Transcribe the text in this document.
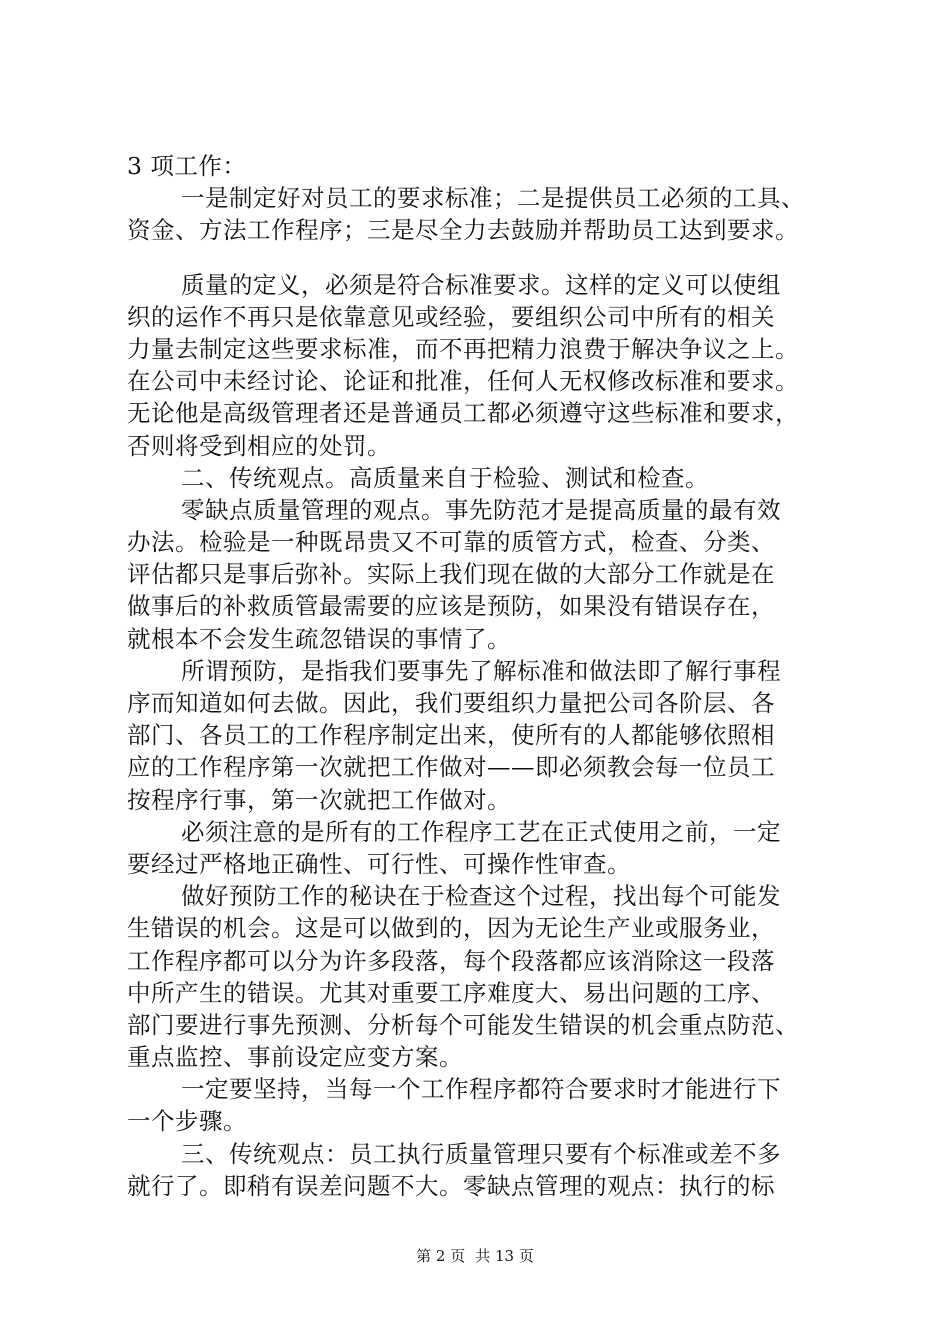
3 项工作：
一是制定好对员工的要求标准；二是提供员工必须的工具、
资金、方法工作程序；三是尽全力去鼓励并帮助员工达到要求。
质量的定义，必须是符合标准要求。这样的定义可以使组
织的运作不再只是依靠意见或经验，要组织公司中所有的相关
力量去制定这些要求标准，而不再把精力浪费于解决争议之上。
在公司中未经讨论、论证和批准，任何人无权修改标准和要求。
无论他是高级管理者还是普通员工都必须遵守这些标准和要求，
否则将受到相应的处罚。
二、传统观点。高质量来自于检验、测试和检查。
零缺点质量管理的观点。事先防范才是提高质量的最有效
办法。检验是一种既昂贵又不可靠的质管方式，检查、分类、
评估都只是事后弥补。实际上我们现在做的大部分工作就是在
做事后的补救质管最需要的应该是预防，如果没有错误存在，
就根本不会发生疏忽错误的事情了。
所谓预防，是指我们要事先了解标准和做法即了解行事程
序而知道如何去做。因此，我们要组织力量把公司各阶层、各
部门、各员工的工作程序制定出来，使所有的人都能够依照相
应的工作程序第一次就把工作做对——即必须教会每一位员工
按程序行事，第一次就把工作做对。
必须注意的是所有的工作程序工艺在正式使用之前，一定
要经过严格地正确性、可行性、可操作性审查。
做好预防工作的秘诀在于检查这个过程，找出每个可能发
生错误的机会。这是可以做到的，因为无论生产业或服务业，
工作程序都可以分为许多段落，每个段落都应该消除这一段落
中所产生的错误。尤其对重要工序难度大、易出问题的工序、
部门要进行事先预测、分析每个可能发生错误的机会重点防范、
重点监控、事前设定应变方案。
一定要坚持，当每一个工作程序都符合要求时才能进行下
一个步骤。
三、传统观点：员工执行质量管理只要有个标准或差不多
就行了。即稍有误差问题不大。零缺点管理的观点：执行的标
第 2 页 共 13 页
